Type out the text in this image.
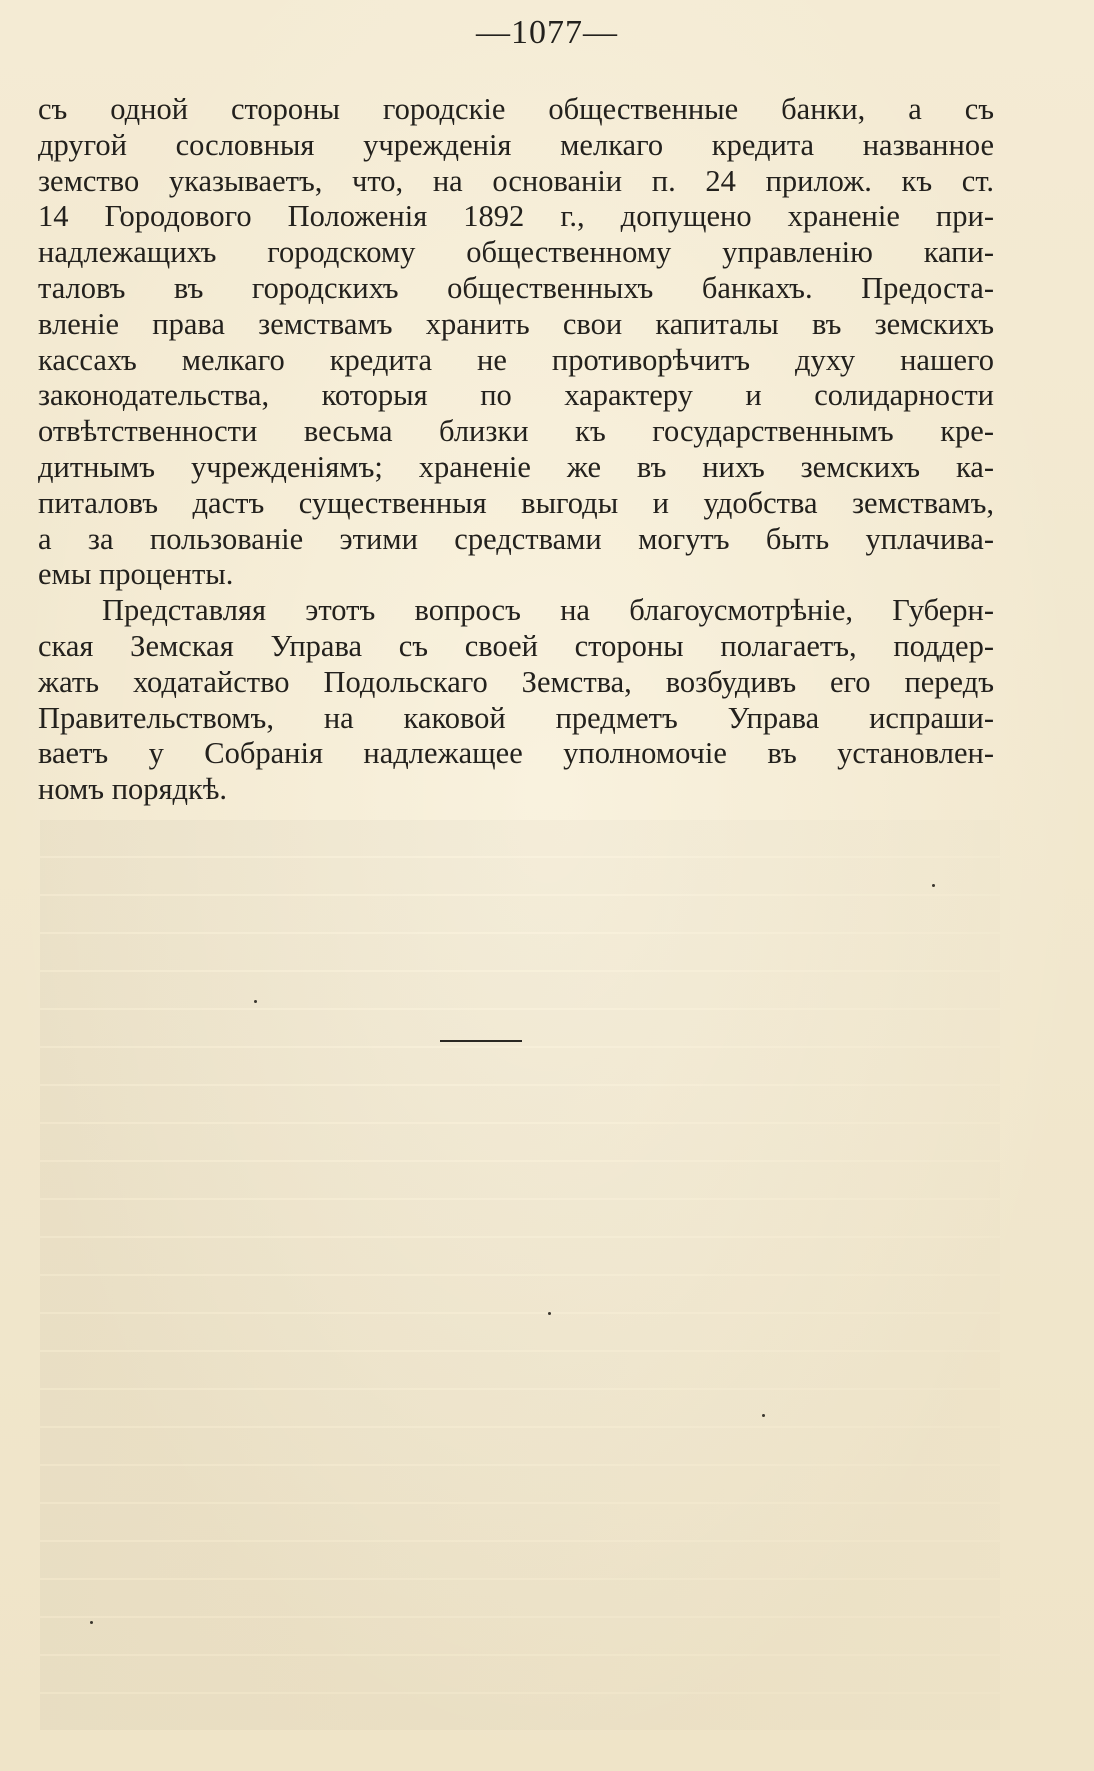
—1077—
съ одной стороны городскіе общественные банки, а съ
другой сословныя учрежденія мелкаго кредита названное
земство указываетъ, что, на основаніи п. 24 прилож. къ ст.
14 Городового Положенія 1892 г., допущено храненіе при-
надлежащихъ городскому общественному управленію капи-
таловъ въ городскихъ общественныхъ банкахъ. Предоста-
вленіе права земствамъ хранить свои капиталы въ земскихъ
кассахъ мелкаго кредита не противорѣчитъ духу нашего
законодательства, которыя по характеру и солидарности
отвѣтственности весьма близки къ государственнымъ кре-
дитнымъ учрежденіямъ; храненіе же въ нихъ земскихъ ка-
питаловъ дастъ существенныя выгоды и удобства земствамъ,
а за пользованіе этими средствами могутъ быть уплачива-
емы проценты.
Представляя этотъ вопросъ на благоусмотрѣніе, Губерн-
ская Земская Управа съ своей стороны полагаетъ, поддер-
жать ходатайство Подольскаго Земства, возбудивъ его передъ
Правительствомъ, на каковой предметъ Управа испраши-
ваетъ у Собранія надлежащее уполномочіе въ установлен-
номъ порядкѣ.
